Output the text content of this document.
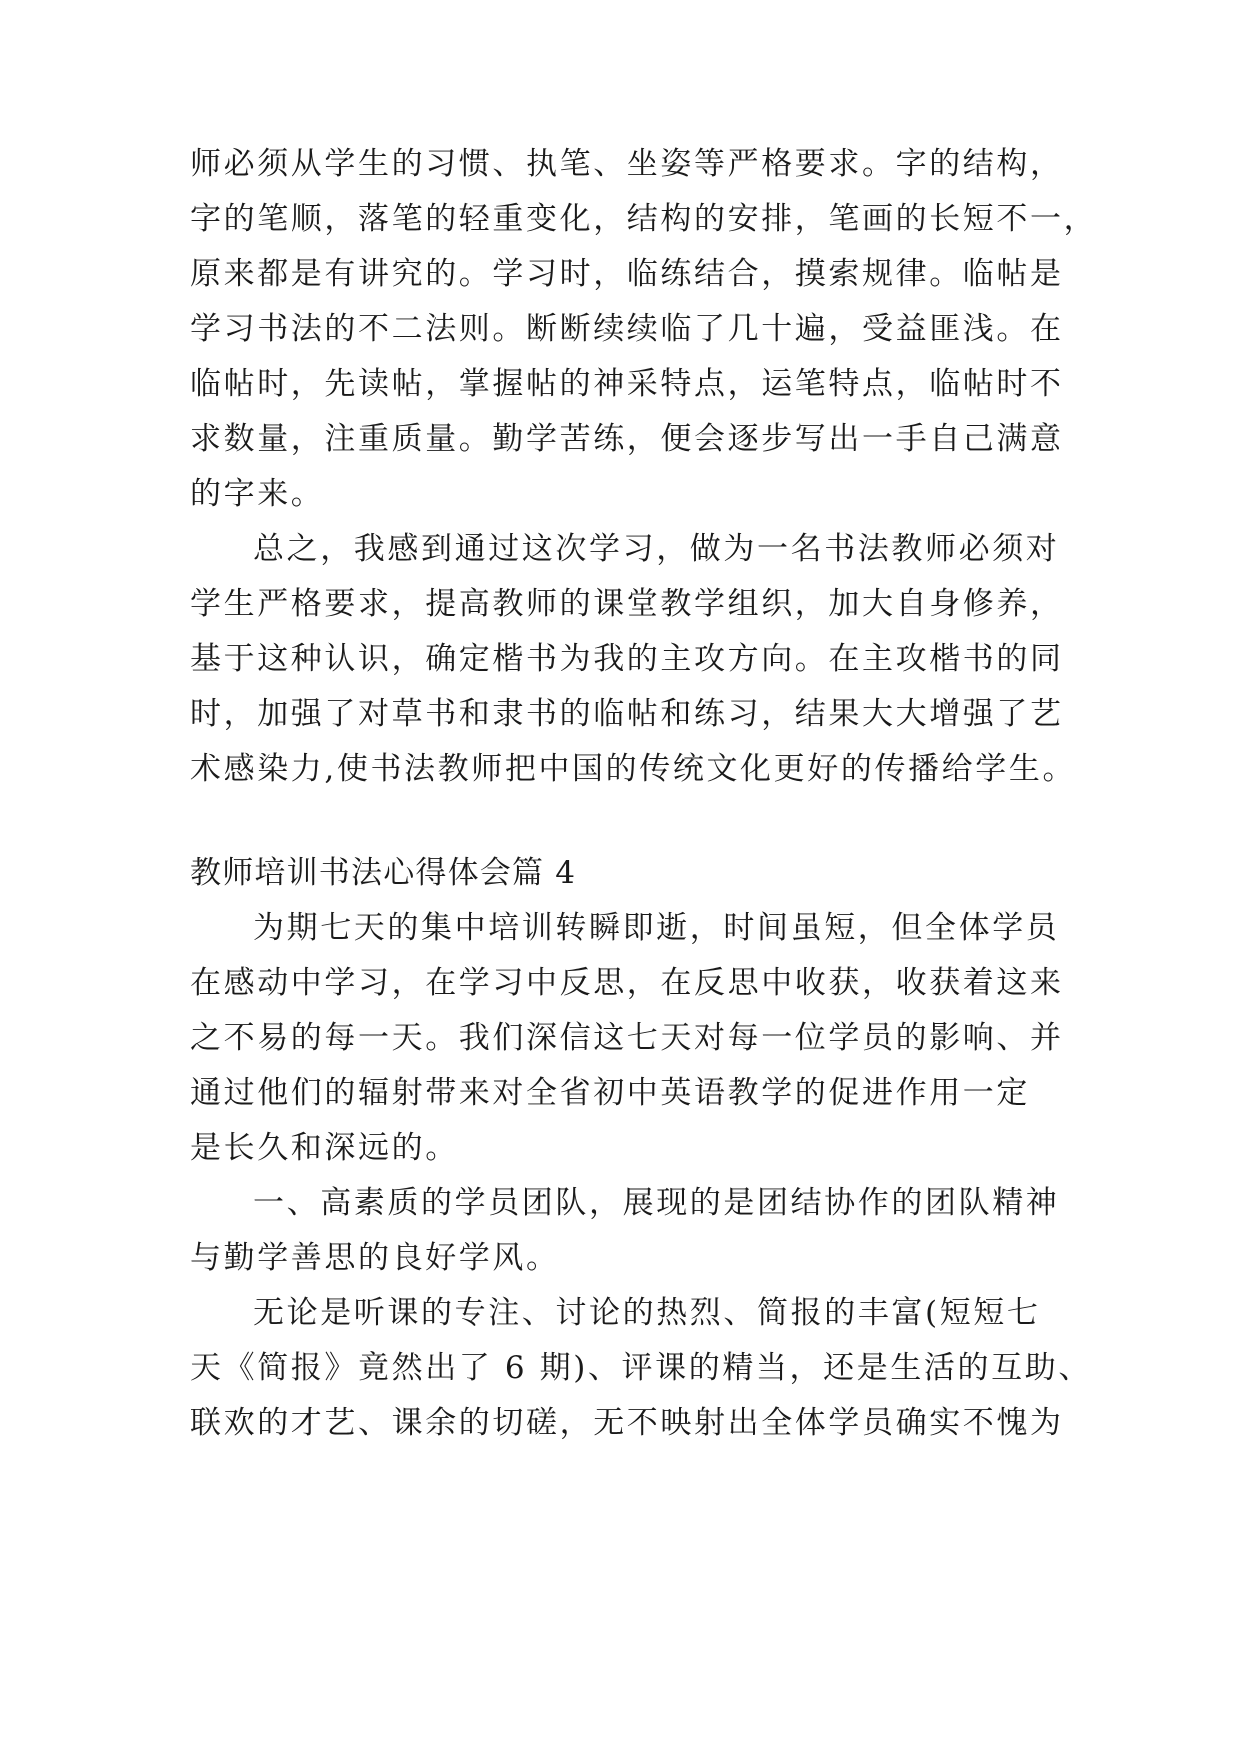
师必须从学生的习惯、执笔、坐姿等严格要求。字的结构，
字的笔顺，落笔的轻重变化，结构的安排，笔画的长短不一，
原来都是有讲究的。学习时，临练结合，摸索规律。临帖是
学习书法的不二法则。断断续续临了几十遍，受益匪浅。在
临帖时，先读帖，掌握帖的神采特点，运笔特点，临帖时不
求数量，注重质量。勤学苦练，便会逐步写出一手自己满意
的字来。
总之，我感到通过这次学习，做为一名书法教师必须对
学生严格要求，提高教师的课堂教学组织，加大自身修养，
基于这种认识，确定楷书为我的主攻方向。在主攻楷书的同
时，加强了对草书和隶书的临帖和练习，结果大大增强了艺
术感染力,使书法教师把中国的传统文化更好的传播给学生。
教师培训书法心得体会篇 4
为期七天的集中培训转瞬即逝，时间虽短，但全体学员
在感动中学习，在学习中反思，在反思中收获，收获着这来
之不易的每一天。我们深信这七天对每一位学员的影响、并
通过他们的辐射带来对全省初中英语教学的促进作用一定
是长久和深远的。
一、高素质的学员团队，展现的是团结协作的团队精神
与勤学善思的良好学风。
无论是听课的专注、讨论的热烈、简报的丰富(短短七
天《简报》竟然出了 6 期)、评课的精当，还是生活的互助、
联欢的才艺、课余的切磋，无不映射出全体学员确实不愧为
